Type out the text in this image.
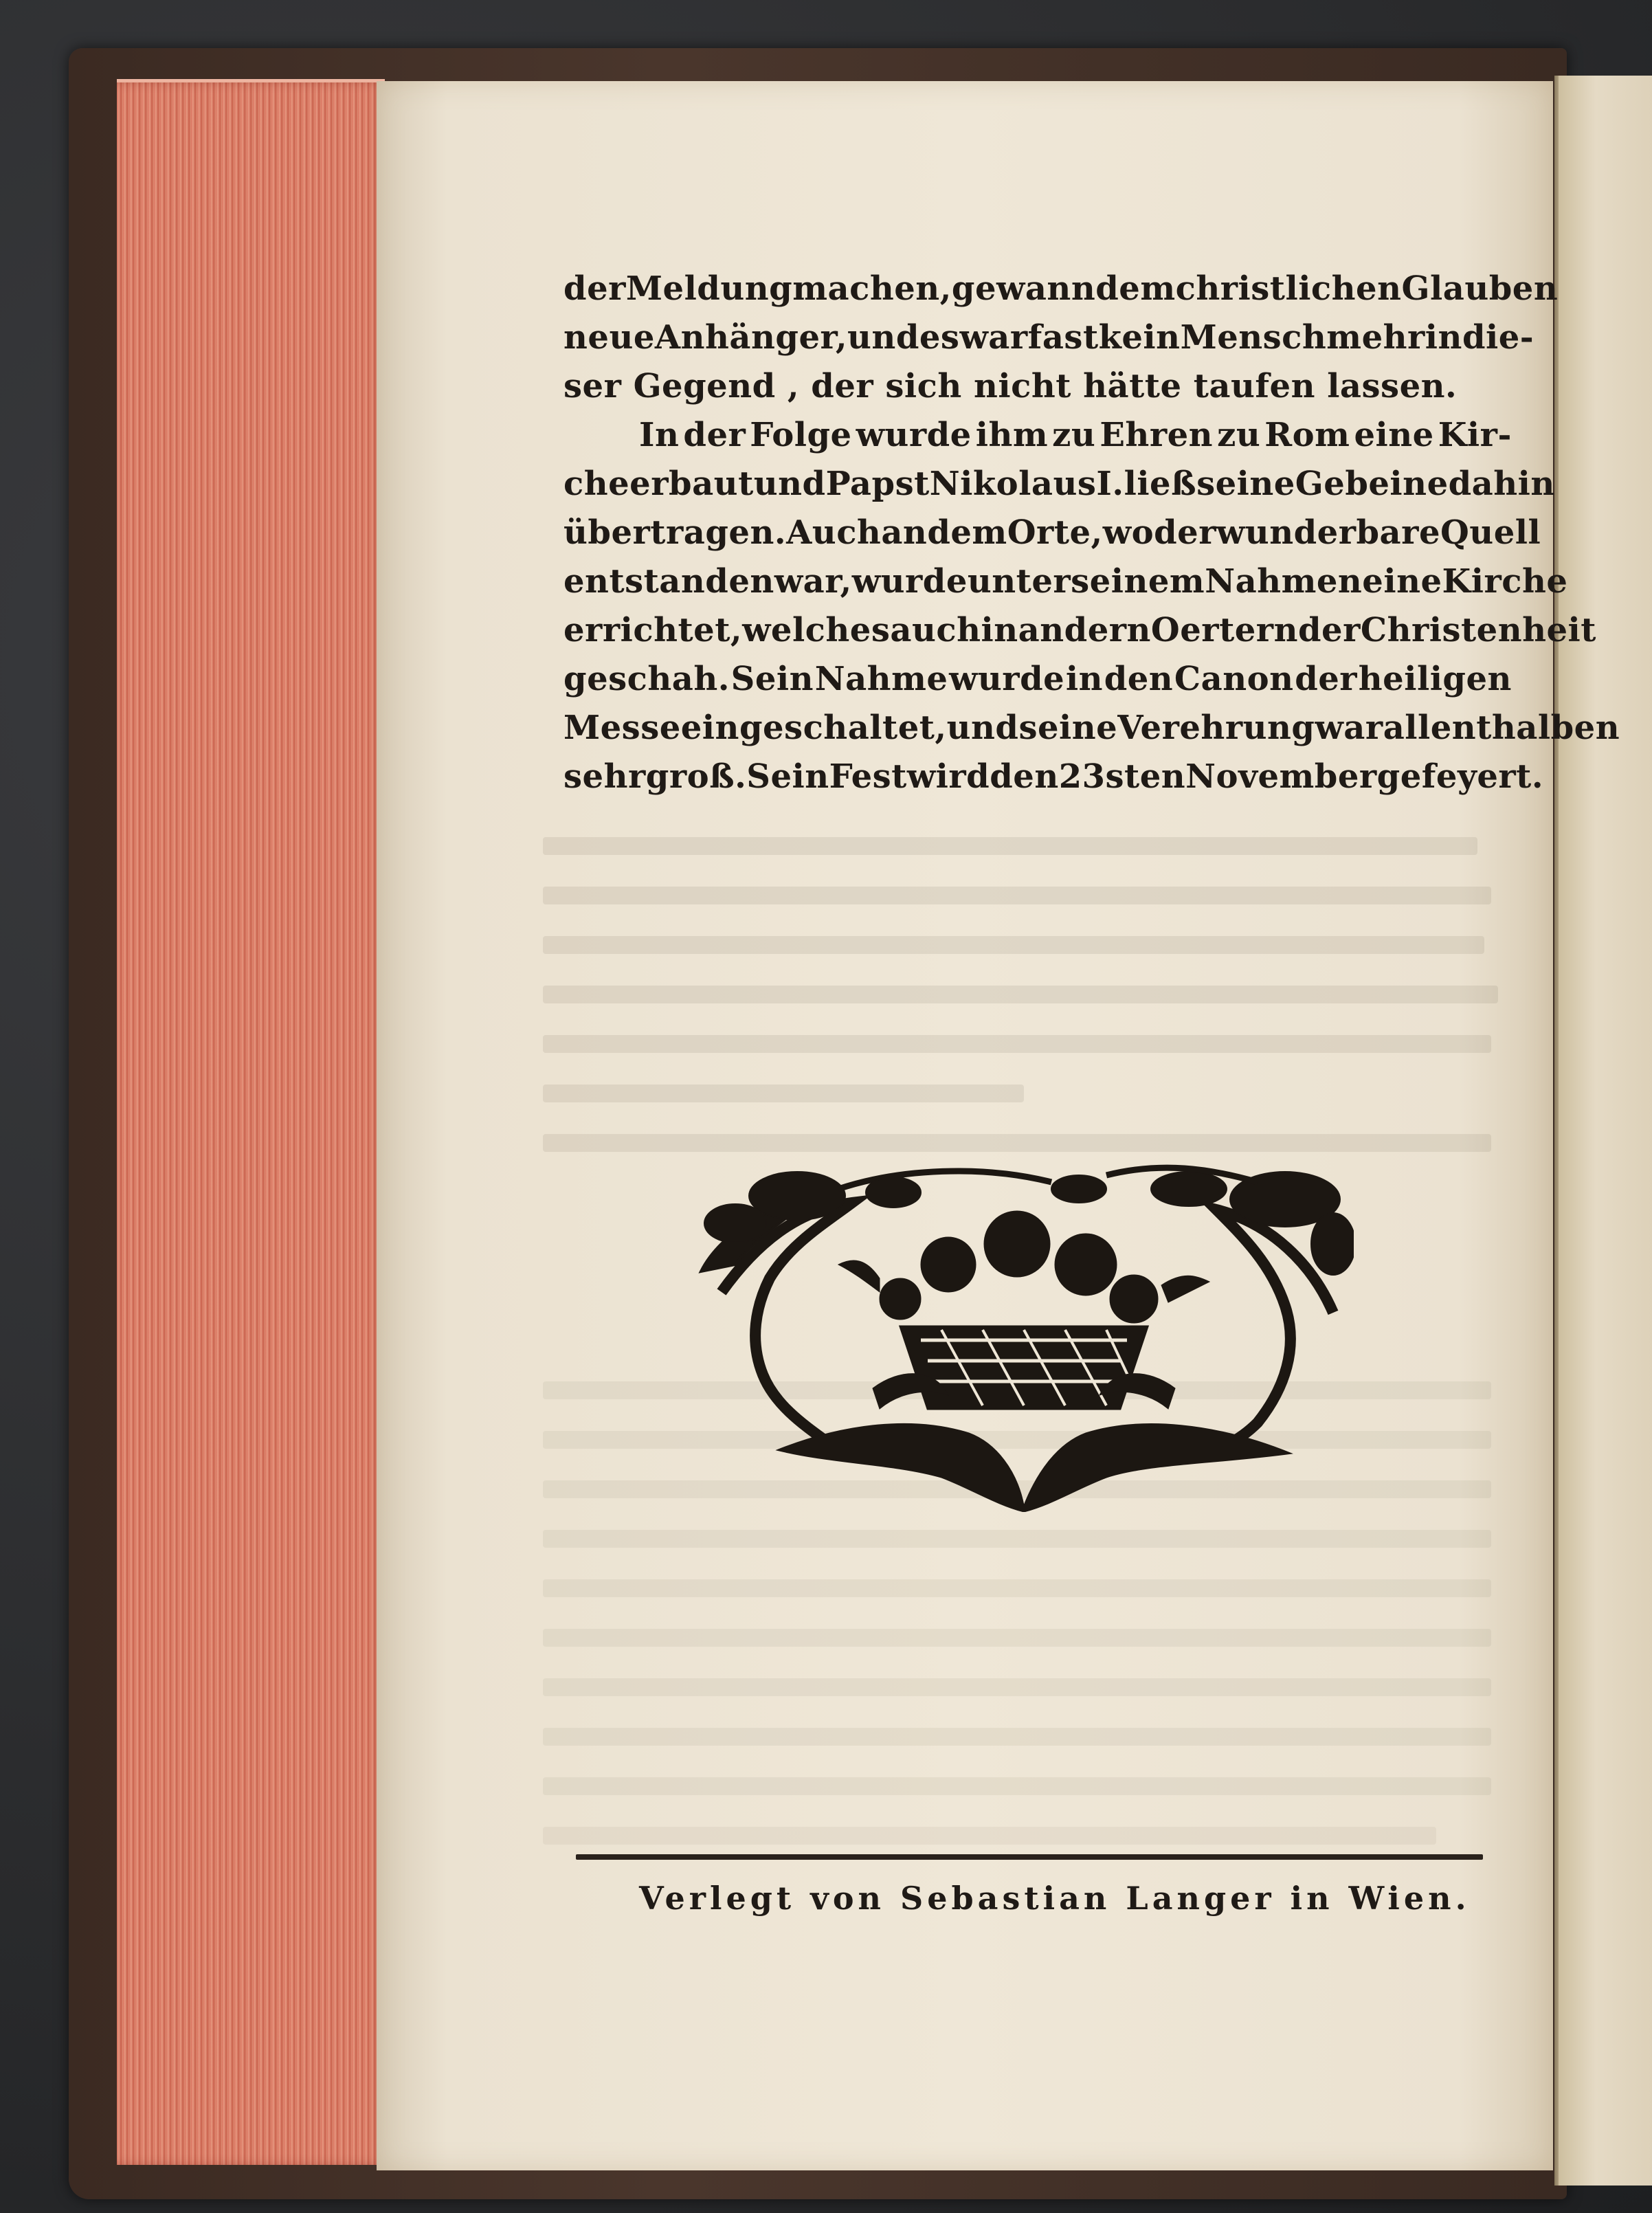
der Meldung machen, gewann dem christlichen Glauben
neue Anhänger, und es war fast kein Mensch mehr in die-
ser Gegend , der sich nicht hätte taufen lassen.
In der Folge wurde ihm zu Ehren zu Rom eine Kir-
che erbaut und Papst Nikolaus I. ließ seine Gebeine dahin
übertragen. Auch an dem Orte, wo der wunderbare Quell
entstanden war, wurde unter seinem Nahmen eine Kirche
errichtet, welches auch in andern Oertern der Christenheit
geschah. Sein Nahme wurde in den Canon der heiligen
Messe eingeschaltet, und seine Verehrung war allenthalben
sehr groß. Sein Fest wird den 23sten November gefeyert.
Verlegt von Sebastian Langer in Wien.
